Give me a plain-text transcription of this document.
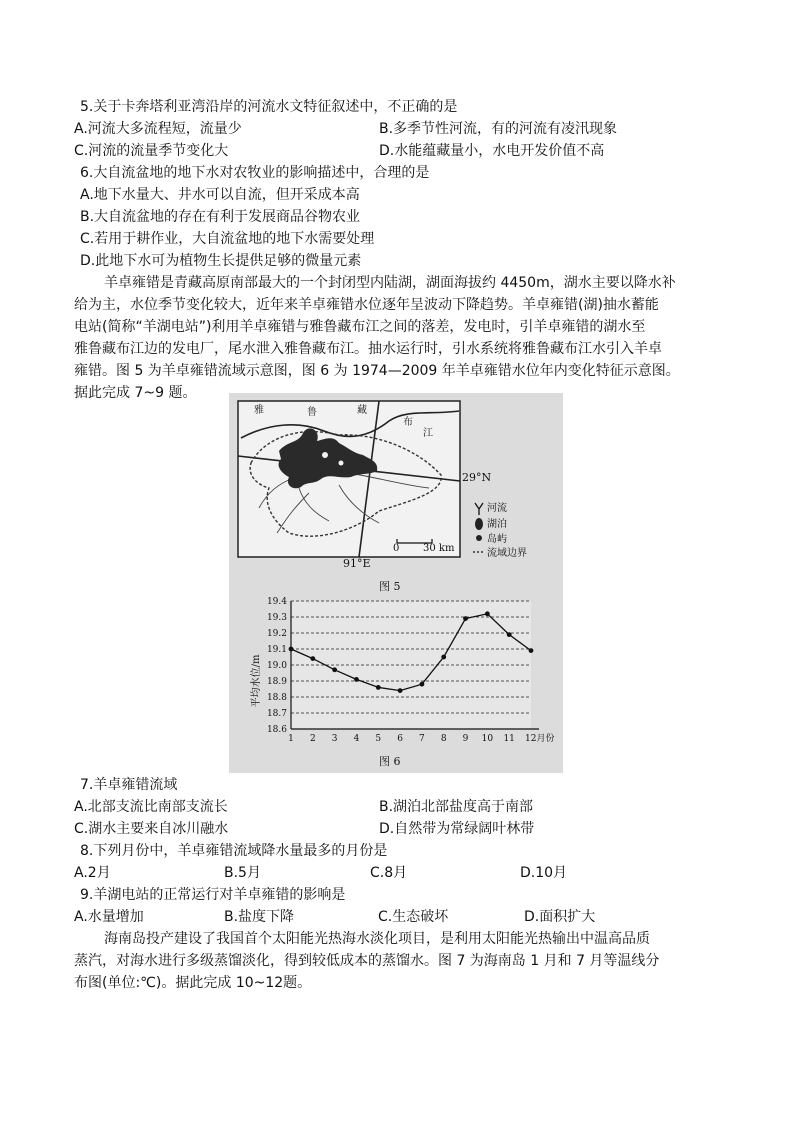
5.关于卡奔塔利亚湾沿岸的河流水文特征叙述中，不正确的是
A.河流大多流程短，流量少	B.多季节性河流，有的河流有凌汛现象
C.河流的流量季节变化大	D.水能蕴藏量小，水电开发价值不高
6.大自流盆地的地下水对农牧业的影响描述中，合理的是
A.地下水量大、井水可以自流，但开采成本高
B.大自流盆地的存在有利于发展商品谷物农业
C.若用于耕作业，大自流盆地的地下水需要处理
D.此地下水可为植物生长提供足够的微量元素
羊卓雍错是青藏高原南部最大的一个封闭型内陆湖，湖面海拔约 4450m，湖水主要以降水补
给为主，水位季节变化较大，近年来羊卓雍错水位逐年呈波动下降趋势。羊卓雍错(湖)抽水蓄能
电站(简称“羊湖电站”)利用羊卓雍错与雅鲁藏布江之间的落差，发电时，引羊卓雍错的湖水至
雅鲁藏布江边的发电厂，尾水泄入雅鲁藏布江。抽水运行时，引水系统将雅鲁藏布江水引入羊卓
雍错。图 5 为羊卓雍错流域示意图，图 6 为 1974—2009 年羊卓雍错水位年内变化特征示意图。
据此完成 7~9 题。
雅	鲁	藏
布
江
29°N
91°E
0 30 km
河流
湖泊
岛屿
流域边界
图 5
平均水位/m
18.6
18.7
18.8
18.9
19.0
19.1
19.2
19.3
19.4
1 2 3 4 5 6 7 8 9 10 11 12月份
图 6
7.羊卓雍错流域
A.北部支流比南部支流长	B.湖泊北部盐度高于南部
C.湖水主要来自冰川融水	D.自然带为常绿阔叶林带
8.下列月份中，羊卓雍错流域降水量最多的月份是
A.2月	B.5月	C.8月	D.10月
9.羊湖电站的正常运行对羊卓雍错的影响是
A.水量增加	B.盐度下降	C.生态破坏	D.面积扩大
海南岛投产建设了我国首个太阳能光热海水淡化项目，是利用太阳能光热输出中温高品质
蒸汽，对海水进行多级蒸馏淡化，得到较低成本的蒸馏水。图 7 为海南岛 1 月和 7 月等温线分
布图(单位:℃)。据此完成 10~12题。
